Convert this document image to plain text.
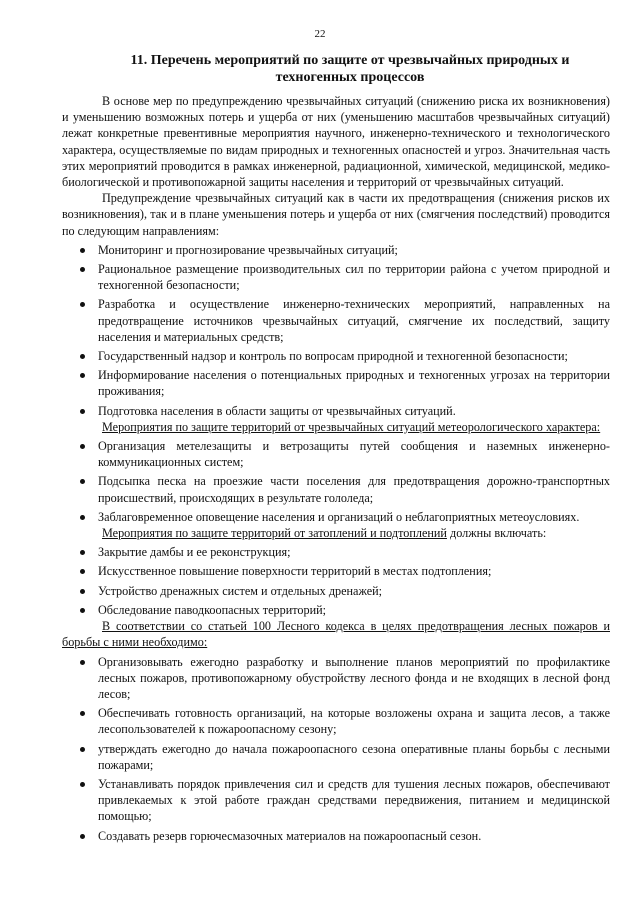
22
11. Перечень мероприятий по защите от чрезвычайных природных и
техногенных процессов

В основе мер по предупреждению чрезвычайных ситуаций (снижению риска их возникновения) и уменьшению возможных потерь и ущерба от них (уменьшению масштабов чрезвычайных ситуаций) лежат конкретные превентивные мероприятия научного, инженерно-технического и технологического характера, осуществляемые по видам природных и техногенных опасностей и угроз. Значительная часть этих мероприятий проводится в рамках инженерной, радиационной, химической, медицинской, медико-биологической и противопожарной защиты населения и территорий от чрезвычайных ситуаций.

Предупреждение чрезвычайных ситуаций как в части их предотвращения (снижения рисков их возникновения), так и в плане уменьшения потерь и ущерба от них (смягчения последствий) проводится по следующим направлениям:

Мониторинг и прогнозирование чрезвычайных ситуаций;
Рациональное размещение производительных сил по территории района с учетом природной и техногенной безопасности;
Разработка и осуществление инженерно-технических мероприятий, направленных на предотвращение источников чрезвычайных ситуаций, смягчение их последствий, защиту населения и материальных средств;
Государственный надзор и контроль по вопросам природной и техногенной безопасности;
Информирование населения о потенциальных природных и техногенных угрозах на территории проживания;
Подготовка населения в области защиты от чрезвычайных ситуаций.

Мероприятия по защите территорий от чрезвычайных ситуаций метеорологического характера:

Организация метелезащиты и ветрозащиты путей сообщения и наземных инженерно-коммуникационных систем;
Подсыпка песка на проезжие части поселения для предотвращения дорожно-транспортных происшествий, происходящих в результате гололеда;
Заблаговременное оповещение населения и организаций о неблагоприятных метеоусловиях.

Мероприятия по защите территорий от затоплений и подтоплений должны включать:

Закрытие дамбы и ее реконструкция;
Искусственное повышение поверхности территорий в местах подтопления;
Устройство дренажных систем и отдельных дренажей;
Обследование паводкоопасных территорий;

В соответствии со статьей 100 Лесного кодекса в целях предотвращения лесных пожаров и борьбы с ними необходимо:

Организовывать ежегодно разработку и выполнение планов мероприятий по профилактике лесных пожаров, противопожарному обустройству лесного фонда и не входящих в лесной фонд лесов;
Обеспечивать готовность организаций, на которые возложены охрана и защита лесов, а также лесопользователей к пожароопасному сезону;
утверждать ежегодно до начала пожароопасного сезона оперативные планы борьбы с лесными пожарами;
Устанавливать порядок привлечения сил и средств для тушения лесных пожаров, обеспечивают привлекаемых к этой работе граждан средствами передвижения, питанием и медицинской помощью;
Создавать резерв горючесмазочных материалов на пожароопасный сезон.
